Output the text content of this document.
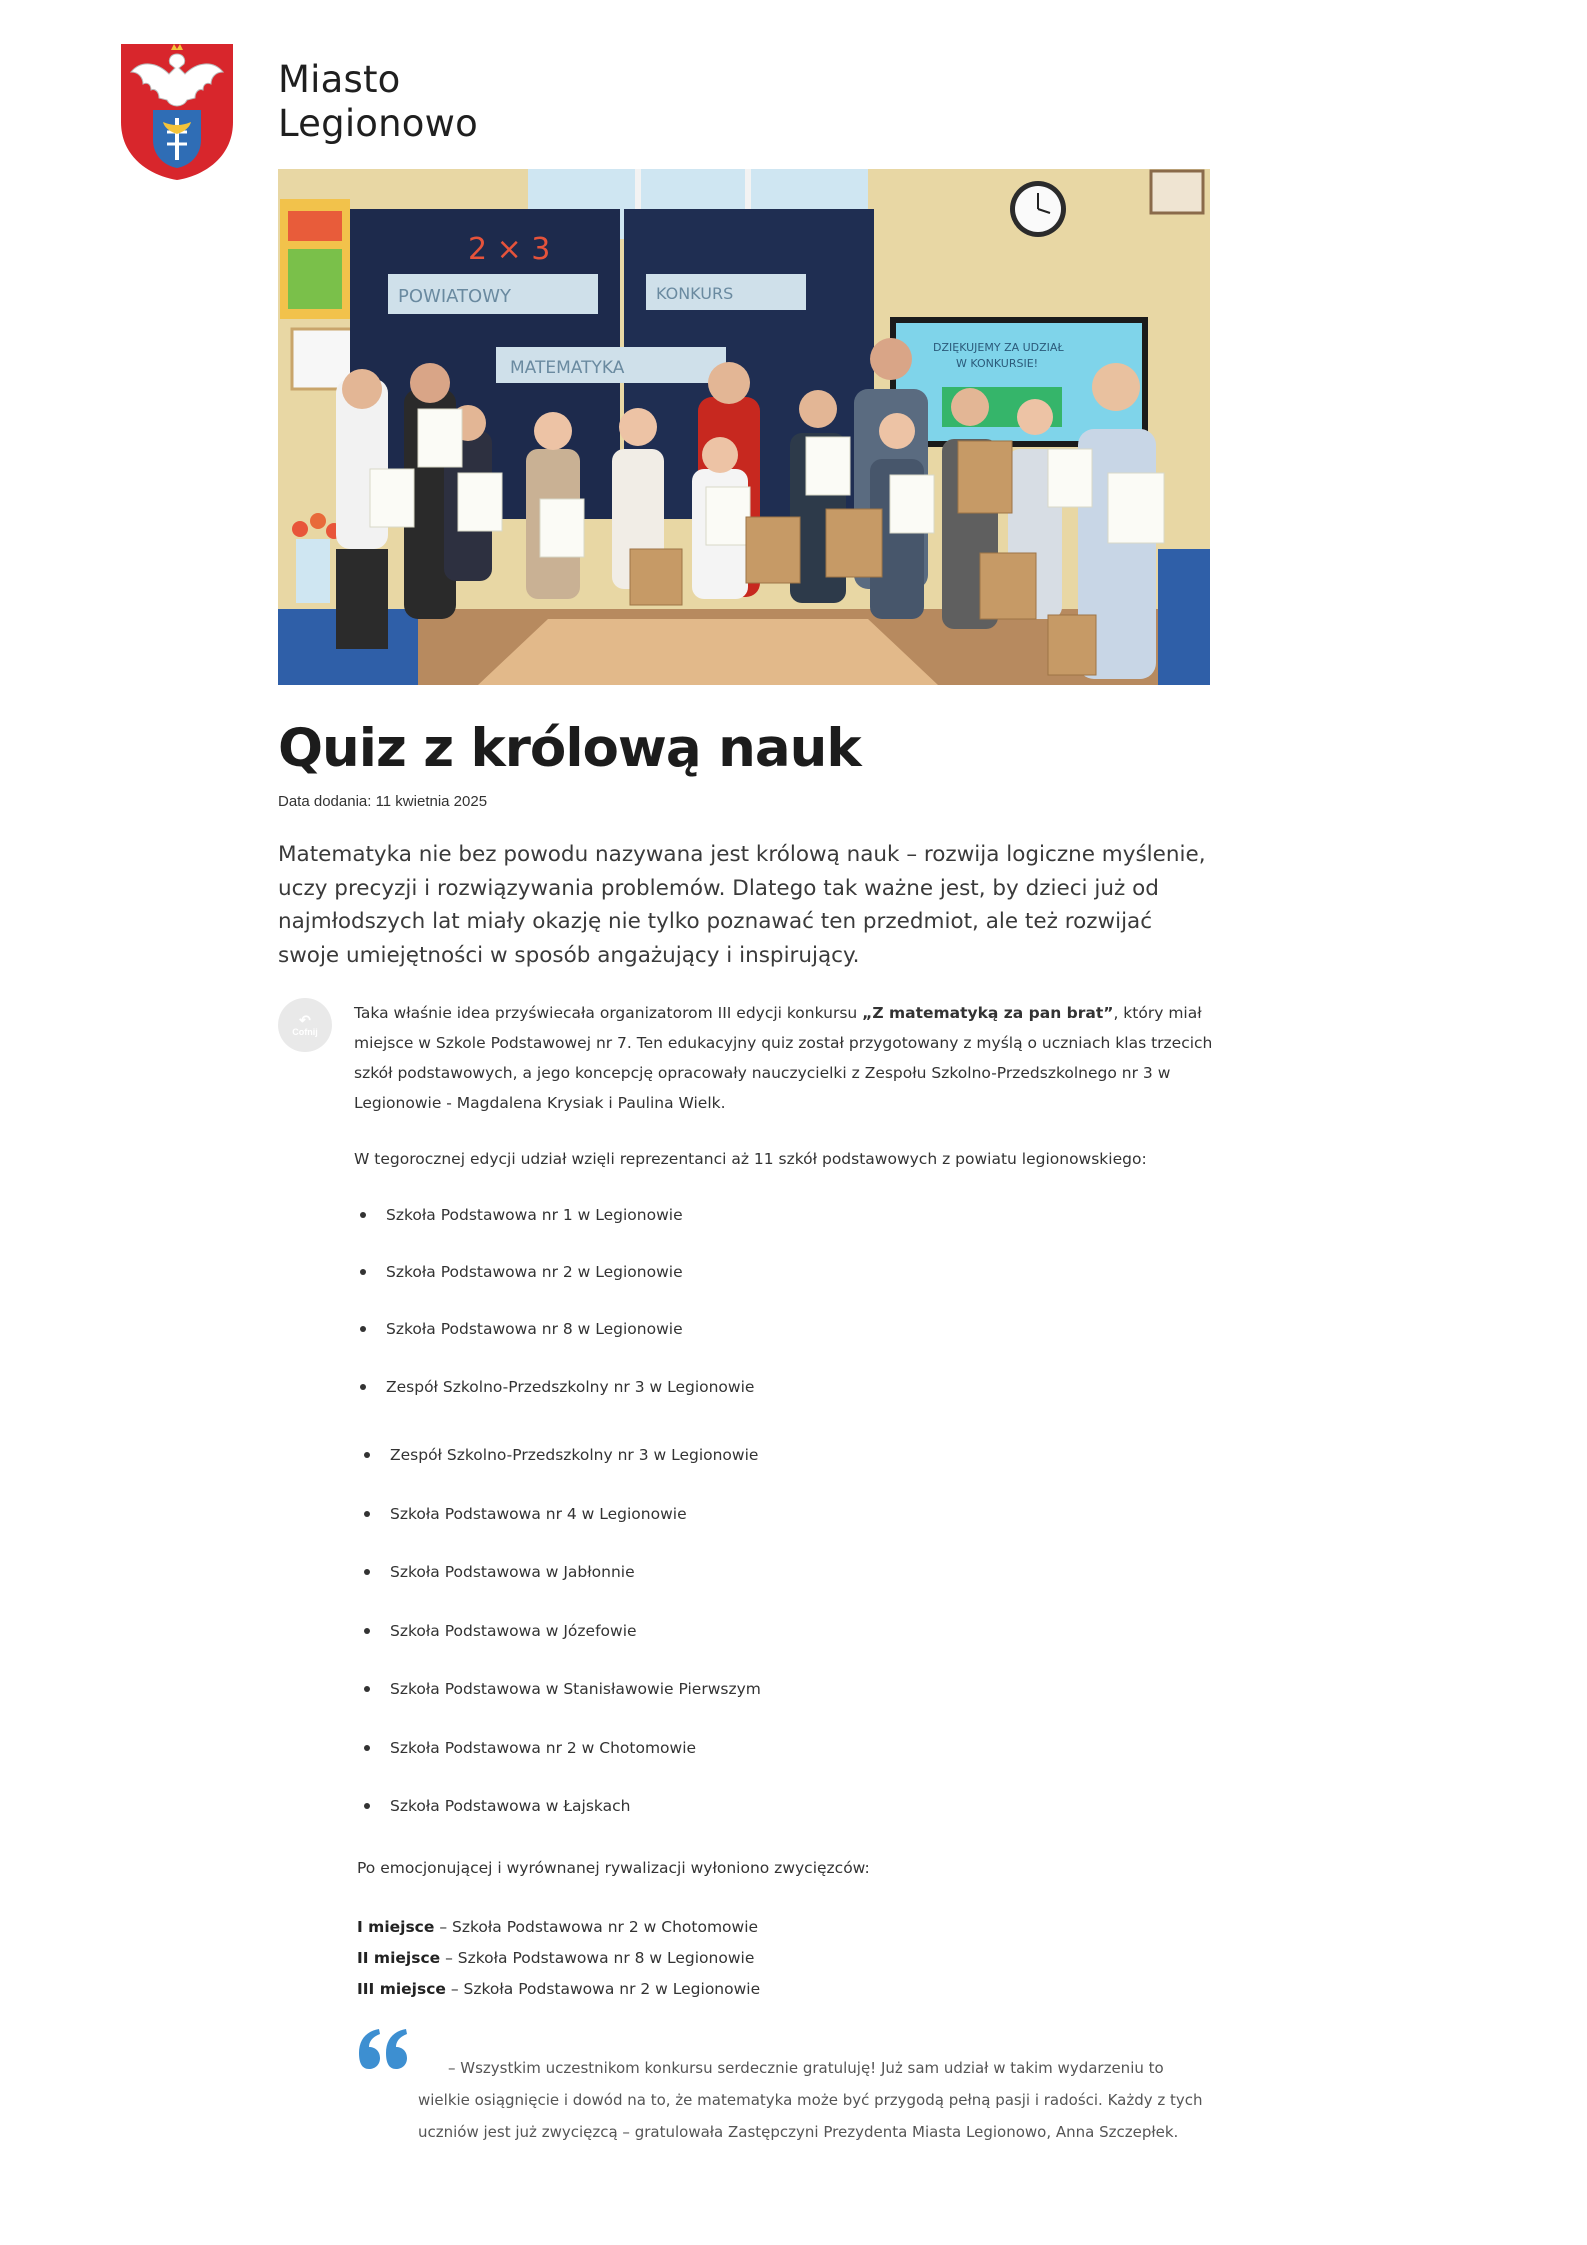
Miasto
Legionowo
2 × 3
POWIATOWY	KONKURS
MATEMATYKA
DZIĘKUJEMY ZA UDZIAŁ
W KONKURSIE!
Quiz z królową nauk
Data dodania: 11 kwietnia 2025

Matematyka nie bez powodu nazywana jest królową nauk – rozwija logiczne myślenie, uczy precyzji i rozwiązywania problemów. Dlatego tak ważne jest, by dzieci już od najmłodszych lat miały okazję nie tylko poznawać ten przedmiot, ale też rozwijać swoje umiejętności w sposób angażujący i inspirujący.

↶
Cofnij

Taka właśnie idea przyświecała organizatorom III edycji konkursu „Z matematyką za pan brat”, który miał miejsce w Szkole Podstawowej nr 7. Ten edukacyjny quiz został przygotowany z myślą o uczniach klas trzecich szkół podstawowych, a jego koncepcję opracowały nauczycielki z Zespołu Szkolno-Przedszkolnego nr 3 w Legionowie - Magdalena Krysiak i Paulina Wielk.

W tegorocznej edycji udział wzięli reprezentanci aż 11 szkół podstawowych z powiatu legionowskiego:

Szkoła Podstawowa nr 1 w Legionowie
Szkoła Podstawowa nr 2 w Legionowie
Szkoła Podstawowa nr 8 w Legionowie
Zespół Szkolno-Przedszkolny nr 3 w Legionowie
Zespół Szkolno-Przedszkolny nr 3 w Legionowie
Szkoła Podstawowa nr 4 w Legionowie
Szkoła Podstawowa w Jabłonnie
Szkoła Podstawowa w Józefowie
Szkoła Podstawowa w Stanisławowie Pierwszym
Szkoła Podstawowa nr 2 w Chotomowie
Szkoła Podstawowa w Łajskach

Po emocjonującej i wyrównanej rywalizacji wyłoniono zwycięzców:

I miejsce – Szkoła Podstawowa nr 2 w Chotomowie
II miejsce – Szkoła Podstawowa nr 8 w Legionowie
III miejsce – Szkoła Podstawowa nr 2 w Legionowie

– Wszystkim uczestnikom konkursu serdecznie gratuluję! Już sam udział w takim wydarzeniu to wielkie osiągnięcie i dowód na to, że matematyka może być przygodą pełną pasji i radości. Każdy z tych uczniów jest już zwycięzcą – gratulowała Zastępczyni Prezydenta Miasta Legionowo, Anna Szczepłek.
